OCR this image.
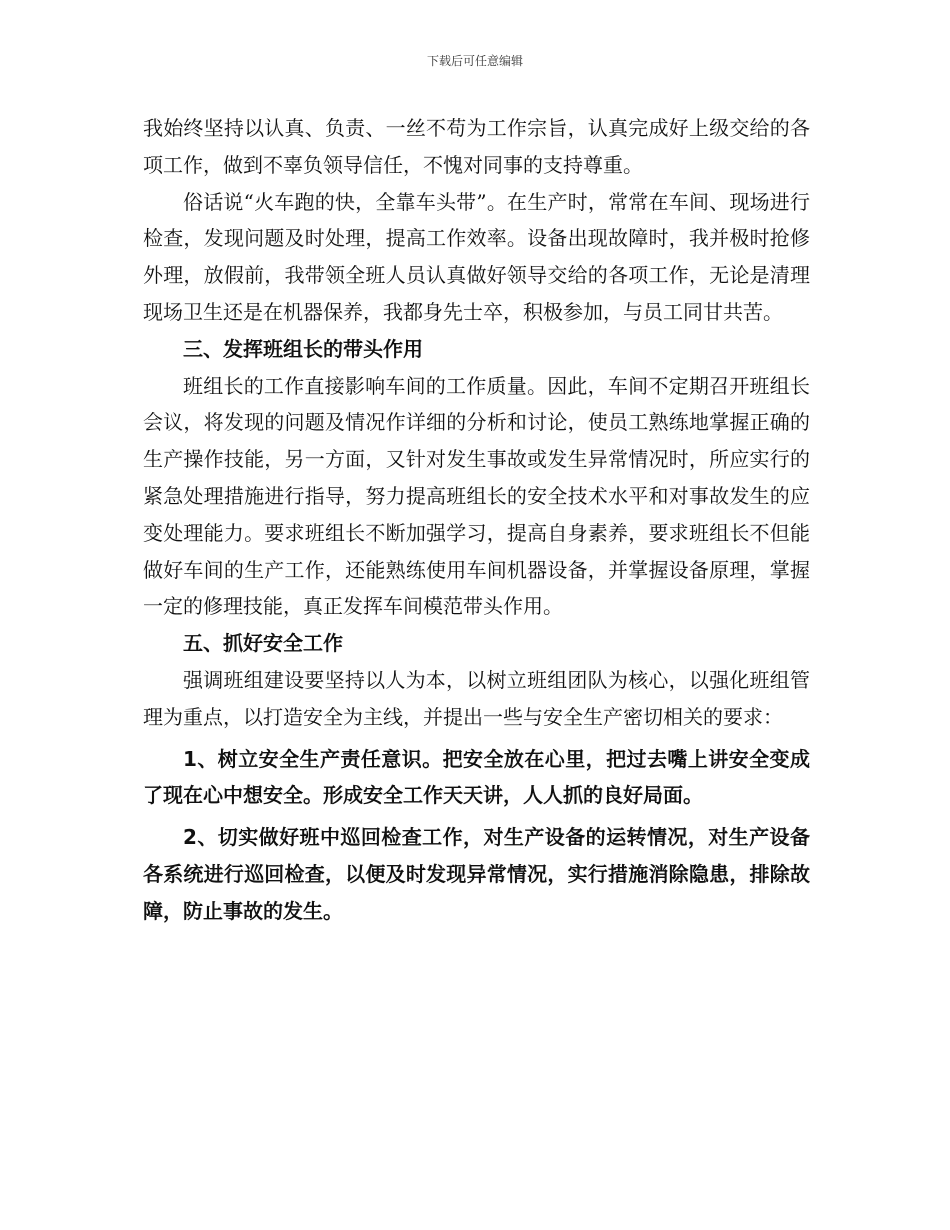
下载后可任意编辑

我始终坚持以认真、负责、一丝不苟为工作宗旨，认真完成好上级交给的各项工作，做到不辜负领导信任，不愧对同事的支持尊重。

俗话说“火车跑的快，全靠车头带”。在生产时，常常在车间、现场进行检查，发现问题及时处理，提高工作效率。设备出现故障时，我并极时抢修外理，放假前，我带领全班人员认真做好领导交给的各项工作，无论是清理现场卫生还是在机器保养，我都身先士卒，积极参加，与员工同甘共苦。

三、发挥班组长的带头作用

班组长的工作直接影响车间的工作质量。因此，车间不定期召开班组长会议，将发现的问题及情况作详细的分析和讨论，使员工熟练地掌握正确的生产操作技能，另一方面，又针对发生事故或发生异常情况时，所应实行的紧急处理措施进行指导，努力提高班组长的安全技术水平和对事故发生的应变处理能力。要求班组长不断加强学习，提高自身素养，要求班组长不但能做好车间的生产工作，还能熟练使用车间机器设备，并掌握设备原理，掌握一定的修理技能，真正发挥车间模范带头作用。

五、抓好安全工作

强调班组建设要坚持以人为本，以树立班组团队为核心，以强化班组管理为重点，以打造安全为主线，并提出一些与安全生产密切相关的要求：

1、树立安全生产责任意识。把安全放在心里，把过去嘴上讲安全变成了现在心中想安全。形成安全工作天天讲，人人抓的良好局面。

2、切实做好班中巡回检查工作，对生产设备的运转情况，对生产设备各系统进行巡回检查，以便及时发现异常情况，实行措施消除隐患，排除故障，防止事故的发生。
